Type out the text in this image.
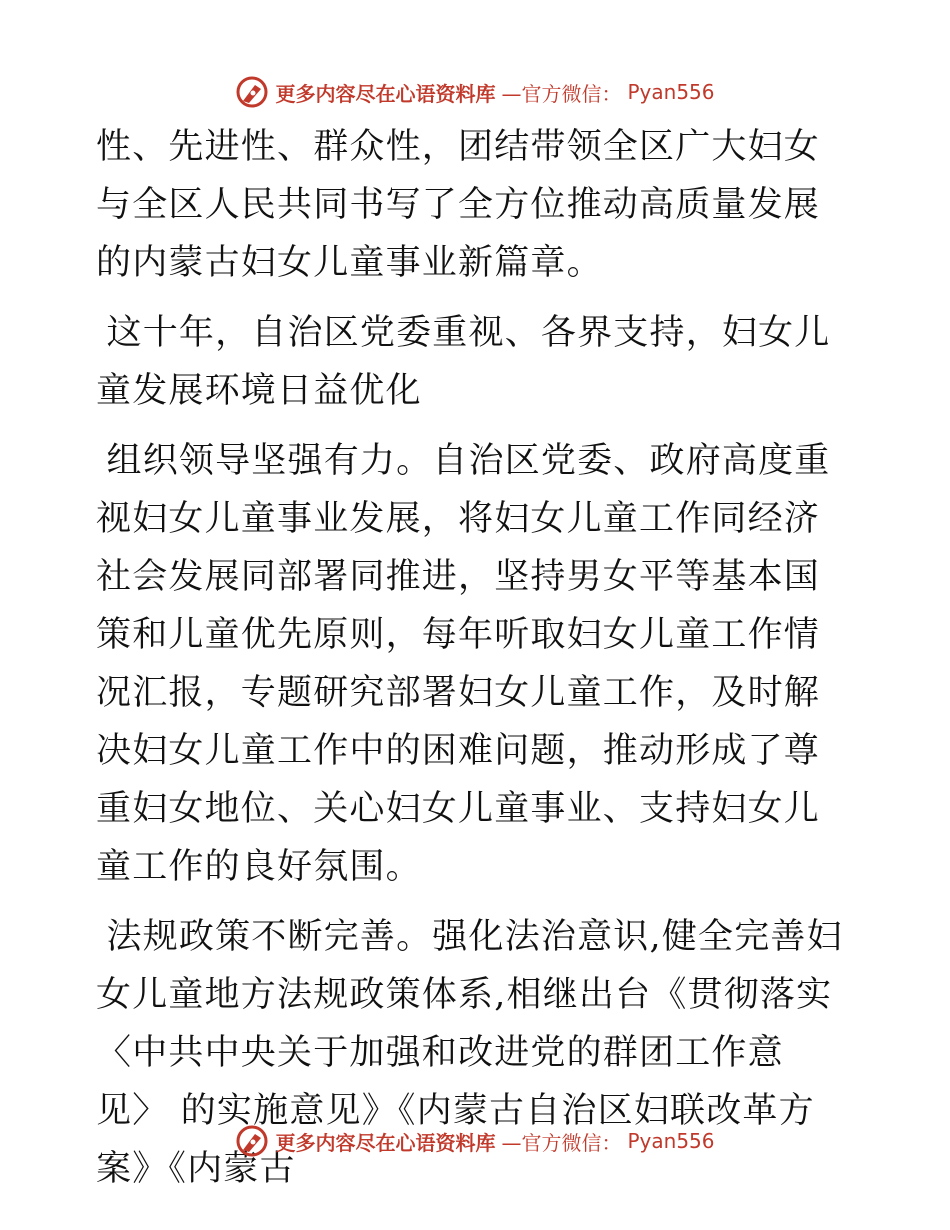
更多内容尽在心语资料库 —官方微信： Pyan556

性、先进性、群众性，团结带领全区广大妇女与全区人民共同书写了全方位推动高质量发展的内蒙古妇女儿童事业新篇章。

这十年，自治区党委重视、各界支持，妇女儿童发展环境日益优化

组织领导坚强有力。自治区党委、政府高度重视妇女儿童事业发展，将妇女儿童工作同经济社会发展同部署同推进，坚持男女平等基本国策和儿童优先原则，每年听取妇女儿童工作情况汇报，专题研究部署妇女儿童工作，及时解决妇女儿童工作中的困难问题，推动形成了尊重妇女地位、关心妇女儿童事业、支持妇女儿童工作的良好氛围。

法规政策不断完善。强化法治意识,健全完善妇女儿童地方法规政策体系,相继出台《贯彻落实 〈中共中央关于加强和改进党的群团工作意见〉 的实施意见》《内蒙古自治区妇联改革方案》《内蒙古

更多内容尽在心语资料库 —官方微信： Pyan556
